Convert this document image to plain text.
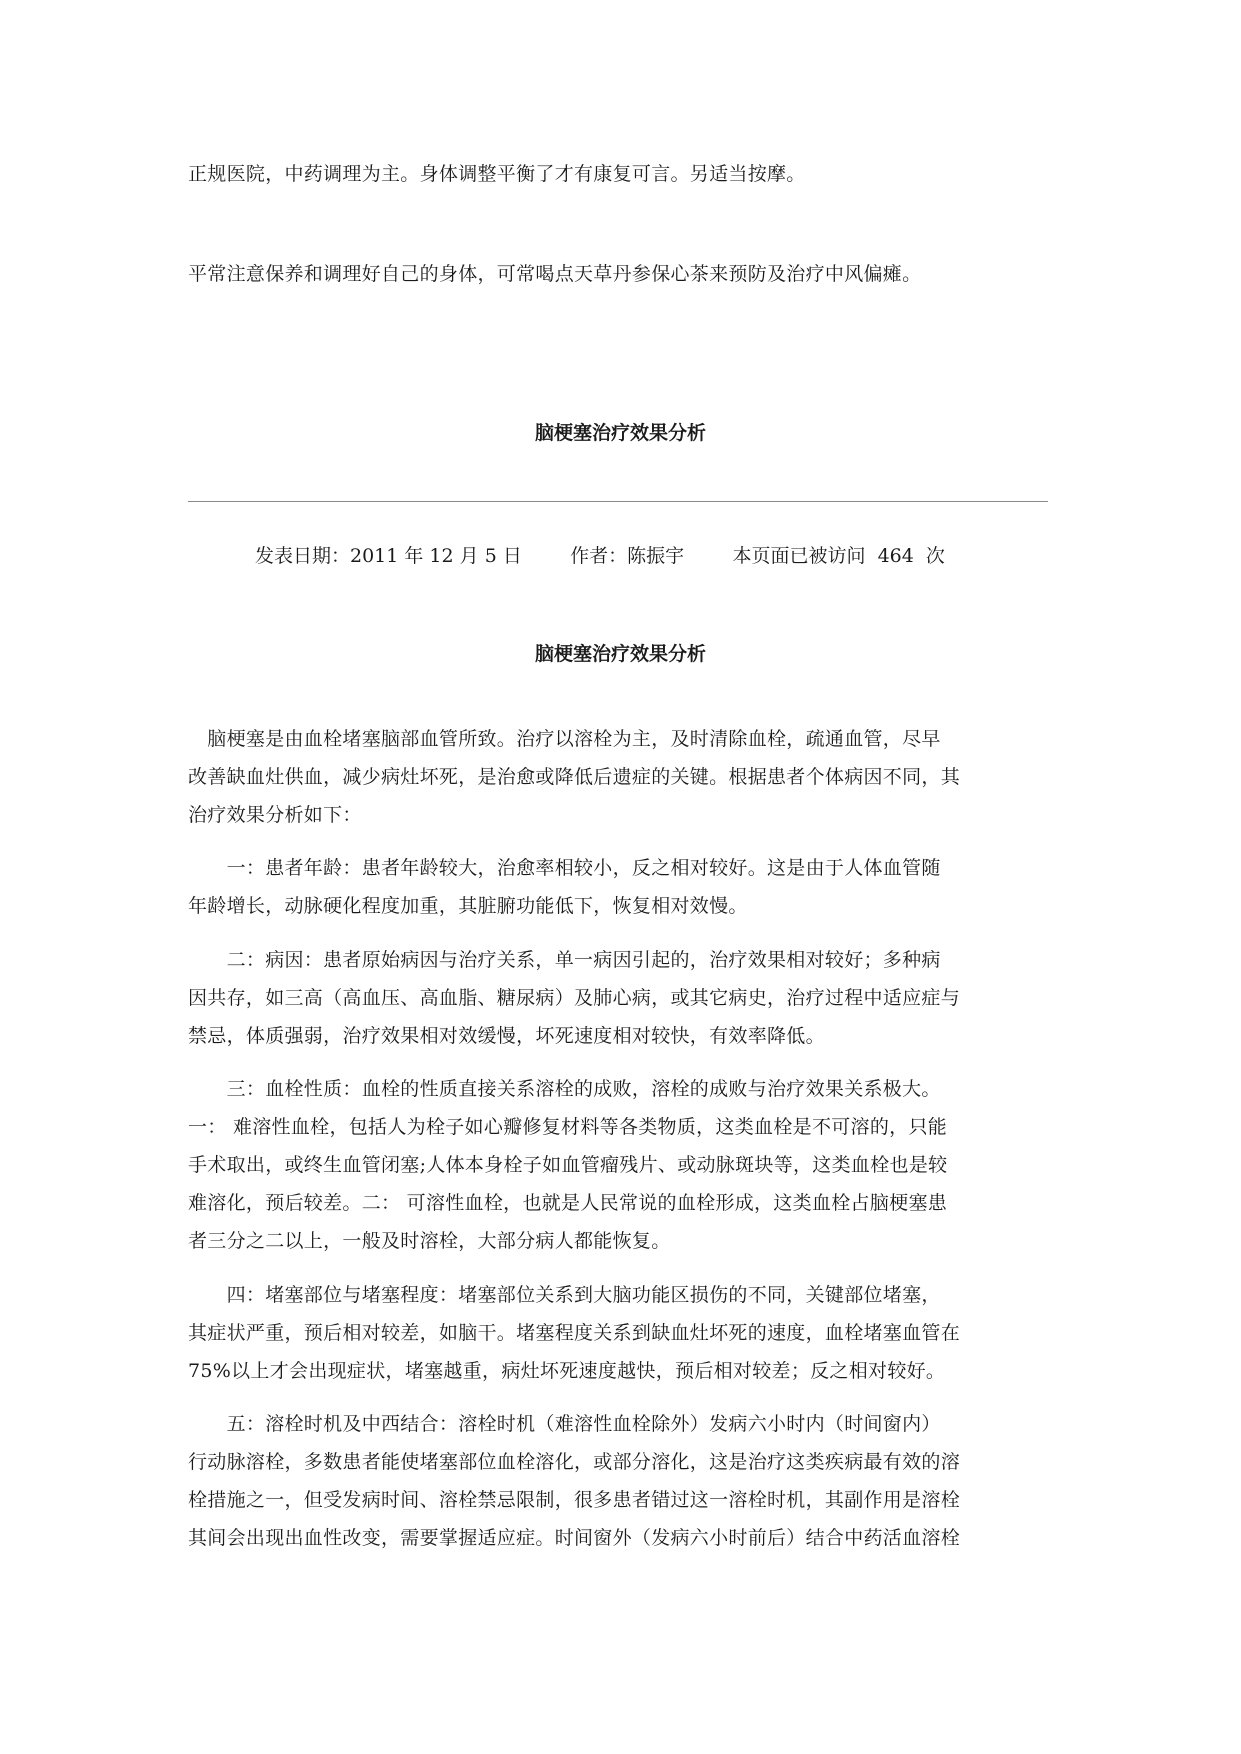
正规医院，中药调理为主。身体调整平衡了才有康复可言。另适当按摩。
平常注意保养和调理好自己的身体，可常喝点天草丹参保心茶来预防及治疗中风偏瘫。
脑梗塞治疗效果分析
发表日期：2011 年 12 月 5 日	作者：陈振宇	本页面已被访问  464  次
脑梗塞治疗效果分析
　脑梗塞是由血栓堵塞脑部血管所致。治疗以溶栓为主，及时清除血栓，疏通血管，尽早
改善缺血灶供血，减少病灶坏死，是治愈或降低后遗症的关键。根据患者个体病因不同，其
治疗效果分析如下：
　　一：患者年龄：患者年龄较大，治愈率相较小，反之相对较好。这是由于人体血管随
年龄增长，动脉硬化程度加重，其脏腑功能低下，恢复相对效慢。
　　二：病因：患者原始病因与治疗关系，单一病因引起的，治疗效果相对较好；多种病
因共存，如三高（高血压、高血脂、糖尿病）及肺心病，或其它病史，治疗过程中适应症与
禁忌，体质强弱，治疗效果相对效缓慢，坏死速度相对较快，有效率降低。
　　三：血栓性质：血栓的性质直接关系溶栓的成败，溶栓的成败与治疗效果关系极大。
一： 难溶性血栓，包括人为栓子如心瓣修复材料等各类物质，这类血栓是不可溶的，只能
手术取出，或终生血管闭塞;人体本身栓子如血管瘤残片、或动脉斑块等，这类血栓也是较
难溶化，预后较差。二： 可溶性血栓，也就是人民常说的血栓形成，这类血栓占脑梗塞患
者三分之二以上，一般及时溶栓，大部分病人都能恢复。
　　四：堵塞部位与堵塞程度：堵塞部位关系到大脑功能区损伤的不同，关键部位堵塞，
其症状严重，预后相对较差，如脑干。堵塞程度关系到缺血灶坏死的速度，血栓堵塞血管在
75%以上才会出现症状，堵塞越重，病灶坏死速度越快，预后相对较差；反之相对较好。
　　五：溶栓时机及中西结合：溶栓时机（难溶性血栓除外）发病六小时内（时间窗内）
行动脉溶栓，多数患者能使堵塞部位血栓溶化，或部分溶化，这是治疗这类疾病最有效的溶
栓措施之一，但受发病时间、溶栓禁忌限制，很多患者错过这一溶栓时机，其副作用是溶栓
其间会出现出血性改变，需要掌握适应症。时间窗外（发病六小时前后）结合中药活血溶栓
